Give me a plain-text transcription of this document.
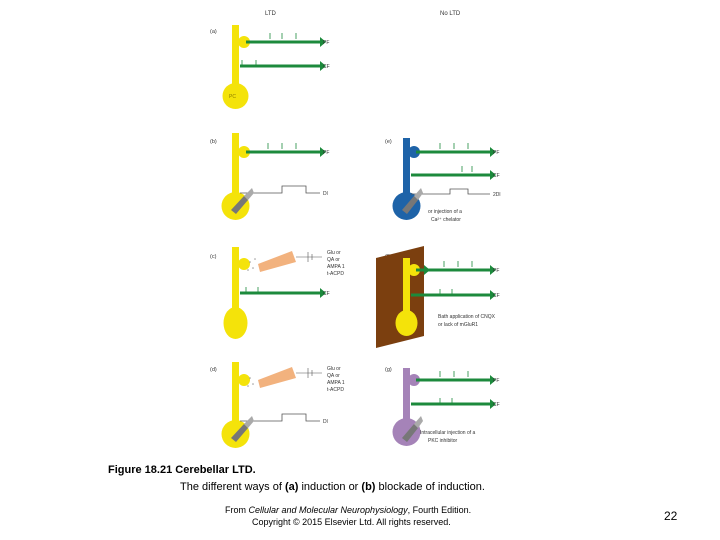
LTD	No LTD
(a)
PF
CF
PC
(b)
PF
Dl
(c)
Glu or
QA or
AMPA 1
t-ACPD
CF
(d)	Glu or
QA or
AMPA 1
t-ACPD
Dl
(e)
PF
CF
2Dl
or injection of a
Ca²⁺ chelator
PF
CF
Bath application of CNQX
or lack of mGluR1
(g)
PF
CF
Intracellular injection of a
PKC inhibitor
Figure 18.21 Cerebellar LTD.
The different ways of (a) induction or (b) blockade of induction.
From Cellular and Molecular Neurophysiology, Fourth Edition.
Copyright © 2015 Elsevier Ltd. All rights reserved.	22
